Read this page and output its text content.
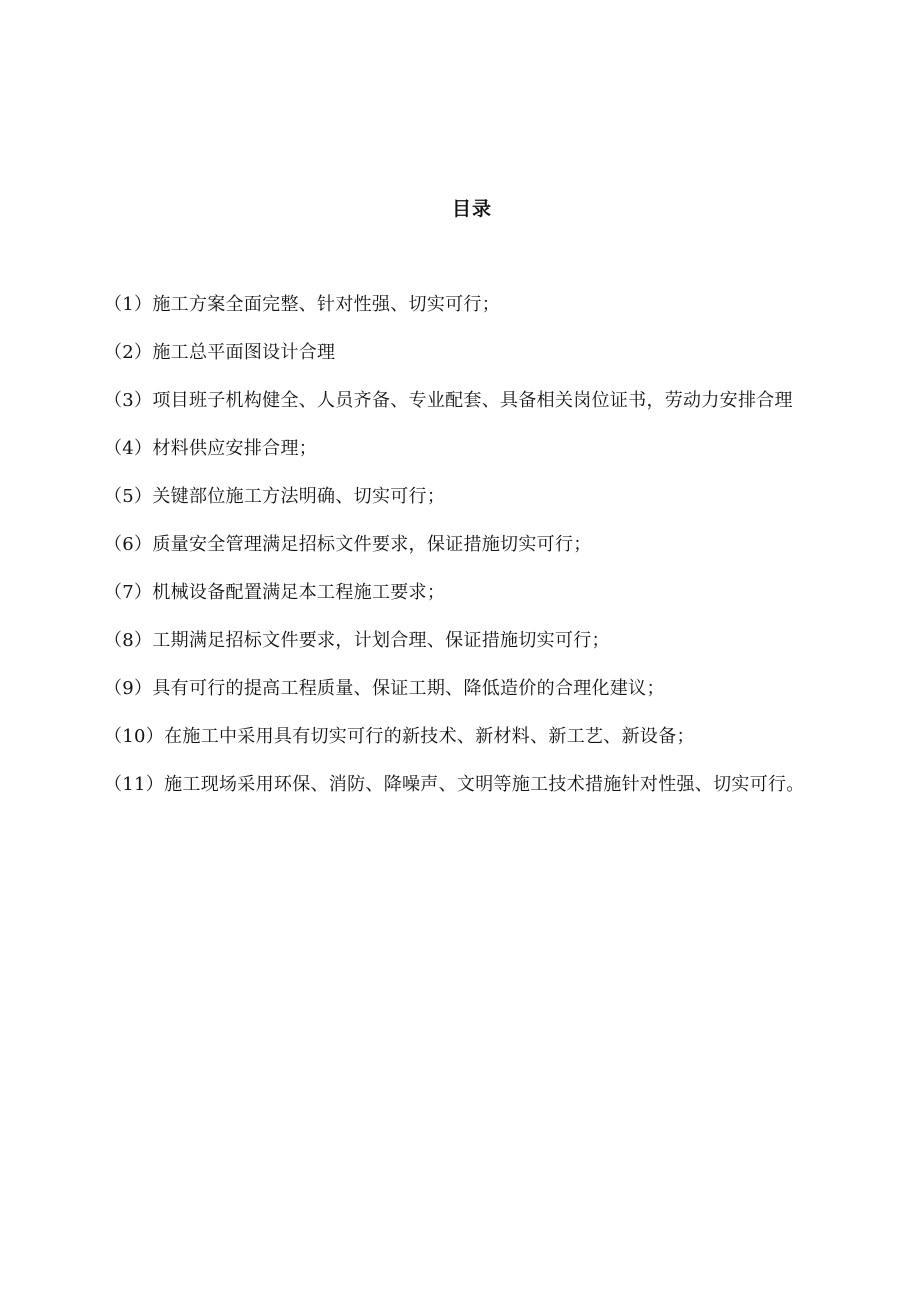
目录
（1）施工方案全面完整、针对性强、切实可行；
（2）施工总平面图设计合理
（3）项目班子机构健全、人员齐备、专业配套、具备相关岗位证书，劳动力安排合理
（4）材料供应安排合理；
（5）关键部位施工方法明确、切实可行；
（6）质量安全管理满足招标文件要求，保证措施切实可行；
（7）机械设备配置满足本工程施工要求；
（8）工期满足招标文件要求，计划合理、保证措施切实可行；
（9）具有可行的提高工程质量、保证工期、降低造价的合理化建议；
（10）在施工中采用具有切实可行的新技术、新材料、新工艺、新设备；
（11）施工现场采用环保、消防、降噪声、文明等施工技术措施针对性强、切实可行。
